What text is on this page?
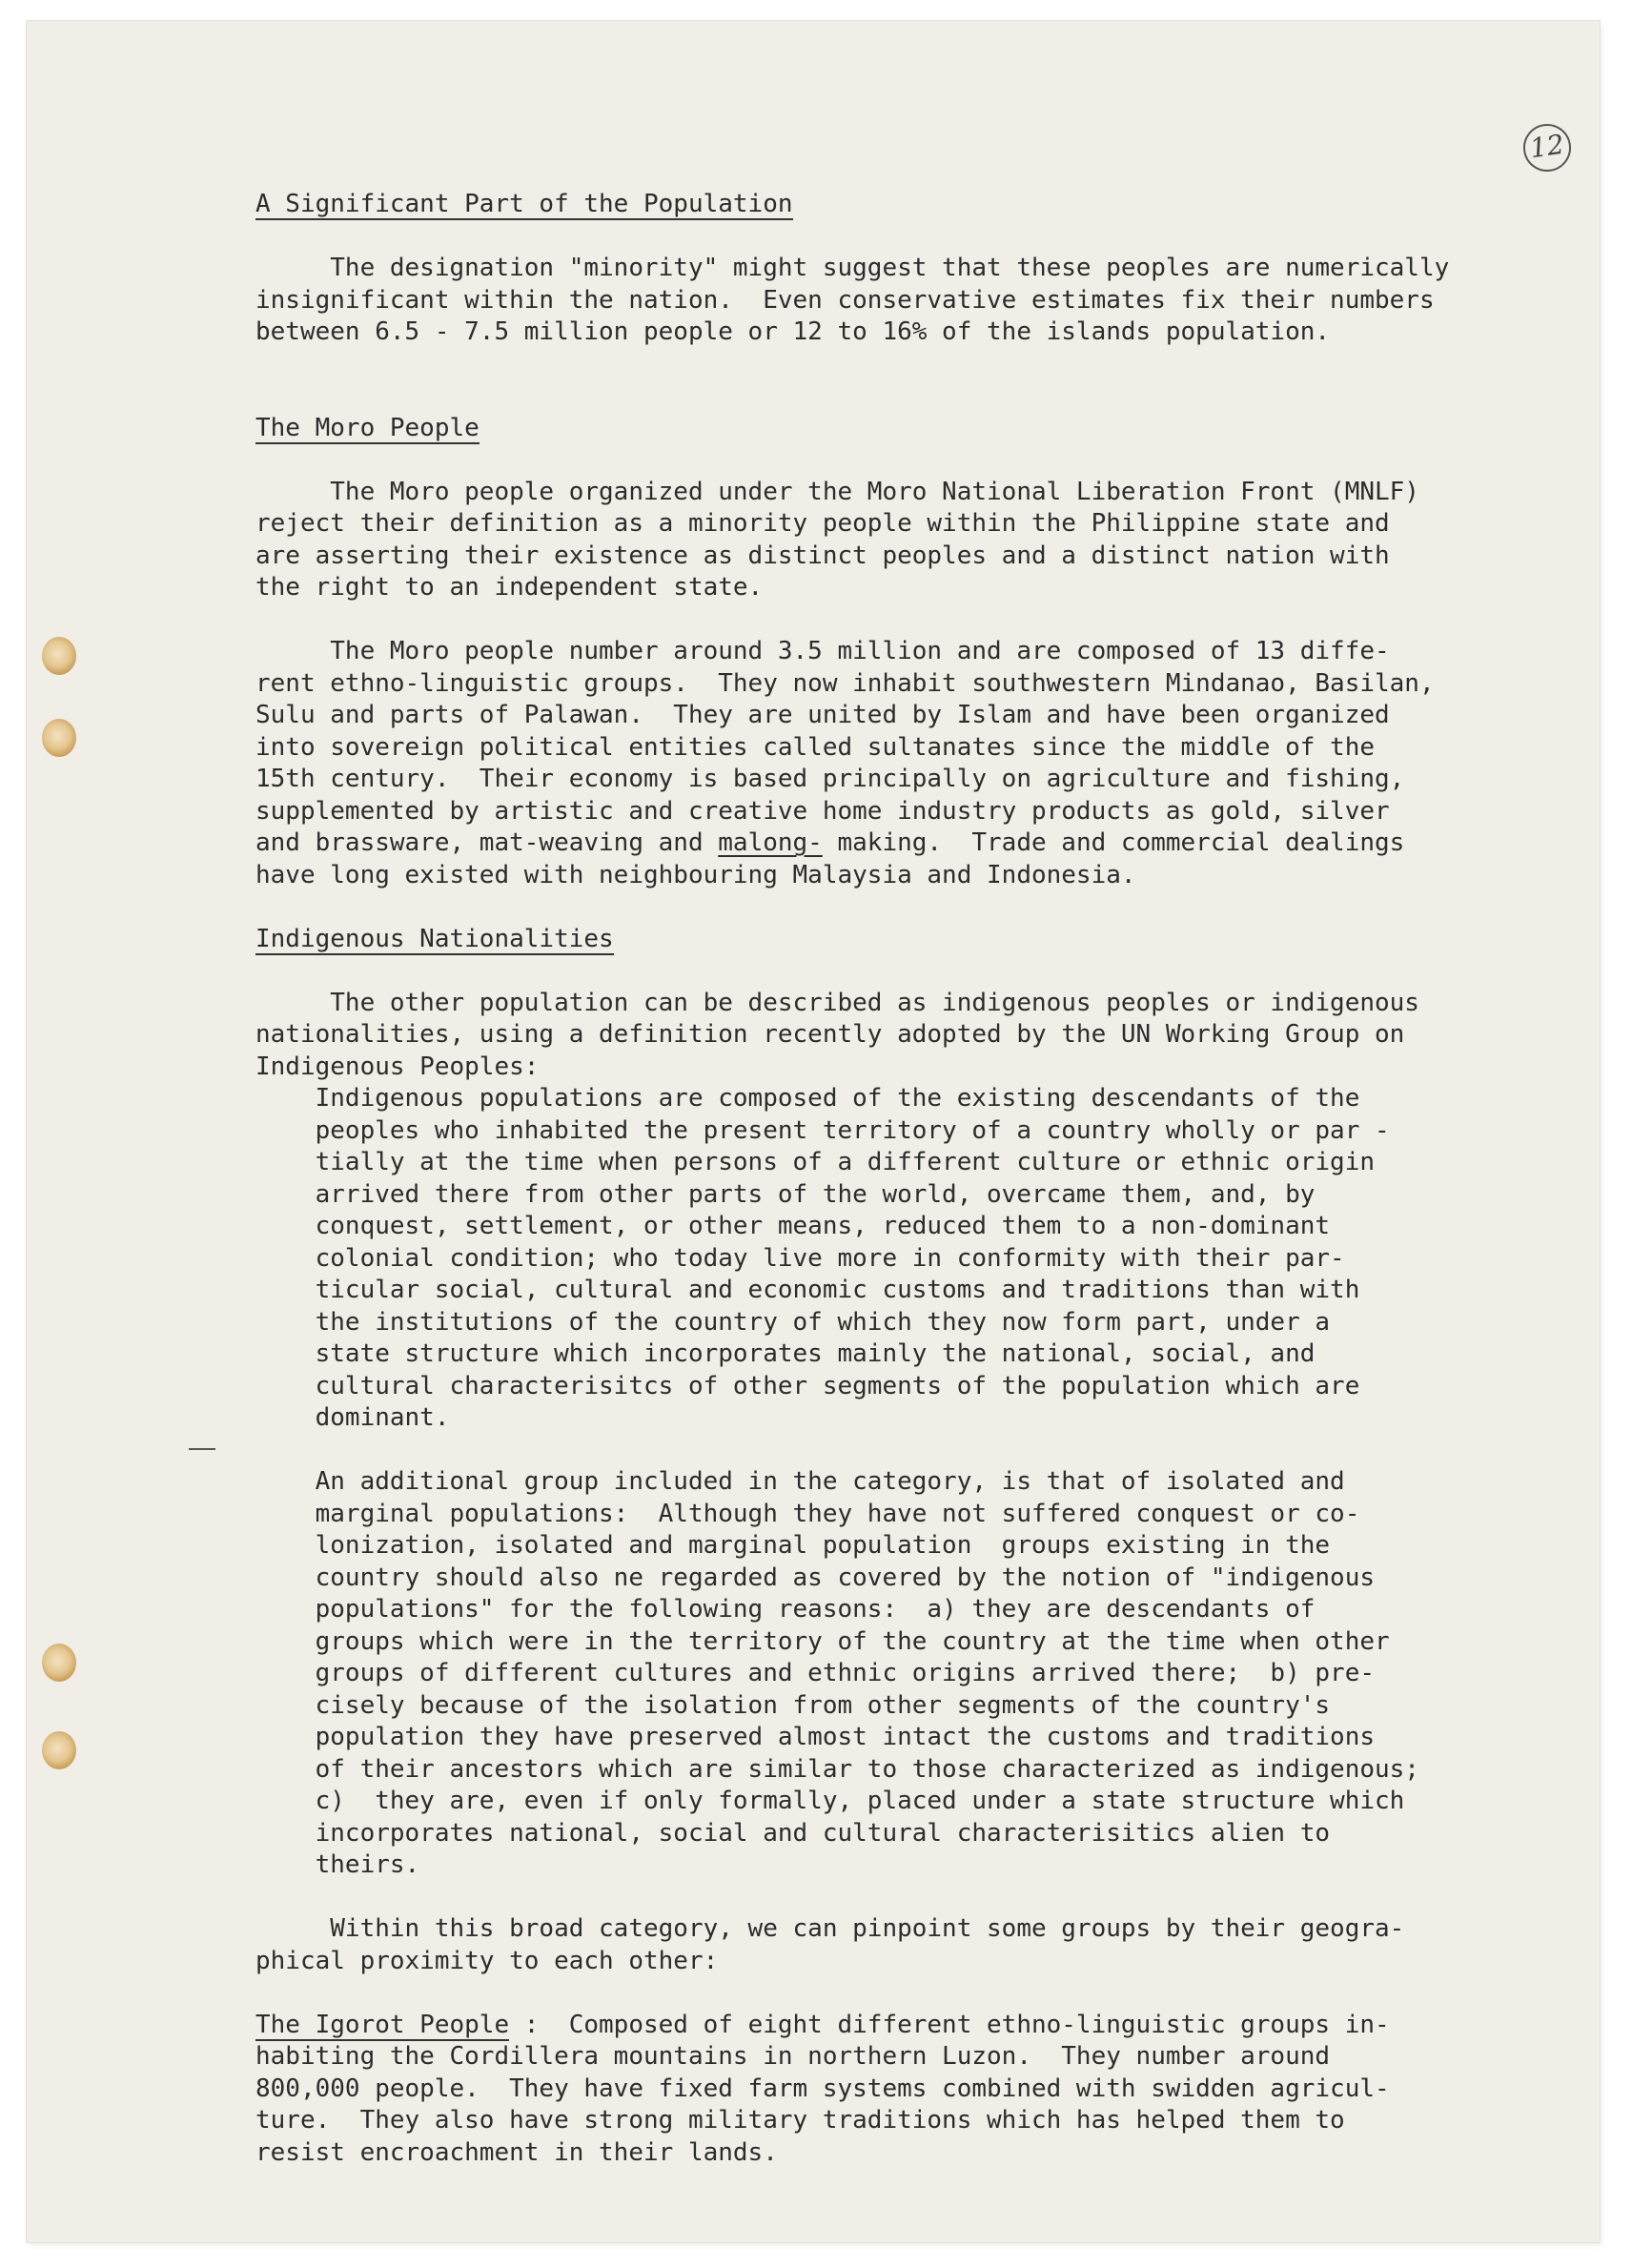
12
A Significant Part of the Population

The designation "minority" might suggest that these peoples are numerically
insignificant within the nation.  Even conservative estimates fix their numbers
between 6.5 - 7.5 million people or 12 to 16% of the islands population.

The Moro People

The Moro people organized under the Moro National Liberation Front (MNLF)
reject their definition as a minority people within the Philippine state and
are asserting their existence as distinct peoples and a distinct nation with
the right to an independent state.

The Moro people number around 3.5 million and are composed of 13 diffe-
rent ethno-linguistic groups.  They now inhabit southwestern Mindanao, Basilan,
Sulu and parts of Palawan.  They are united by Islam and have been organized
into sovereign political entities called sultanates since the middle of the
15th century.  Their economy is based principally on agriculture and fishing,
supplemented by artistic and creative home industry products as gold, silver
and brassware, mat-weaving and malong- making.  Trade and commercial dealings
have long existed with neighbouring Malaysia and Indonesia.

Indigenous Nationalities

The other population can be described as indigenous peoples or indigenous
nationalities, using a definition recently adopted by the UN Working Group on
Indigenous Peoples:
Indigenous populations are composed of the existing descendants of the
peoples who inhabited the present territory of a country wholly or par -
tially at the time when persons of a different culture or ethnic origin
arrived there from other parts of the world, overcame them, and, by
conquest, settlement, or other means, reduced them to a non-dominant
colonial condition; who today live more in conformity with their par-
ticular social, cultural and economic customs and traditions than with
the institutions of the country of which they now form part, under a
state structure which incorporates mainly the national, social, and
cultural characterisitcs of other segments of the population which are
dominant.

An additional group included in the category, is that of isolated and
marginal populations:  Although they have not suffered conquest or co-
lonization, isolated and marginal population  groups existing in the
country should also ne regarded as covered by the notion of "indigenous
populations" for the following reasons:  a) they are descendants of
groups which were in the territory of the country at the time when other
groups of different cultures and ethnic origins arrived there;  b) pre-
cisely because of the isolation from other segments of the country's
population they have preserved almost intact the customs and traditions
of their ancestors which are similar to those characterized as indigenous;
c)  they are, even if only formally, placed under a state structure which
incorporates national, social and cultural characterisitics alien to
theirs.

Within this broad category, we can pinpoint some groups by their geogra-
phical proximity to each other:

The Igorot People :  Composed of eight different ethno-linguistic groups in-
habiting the Cordillera mountains in northern Luzon.  They number around
800,000 people.  They have fixed farm systems combined with swidden agricul-
ture.  They also have strong military traditions which has helped them to
resist encroachment in their lands.
